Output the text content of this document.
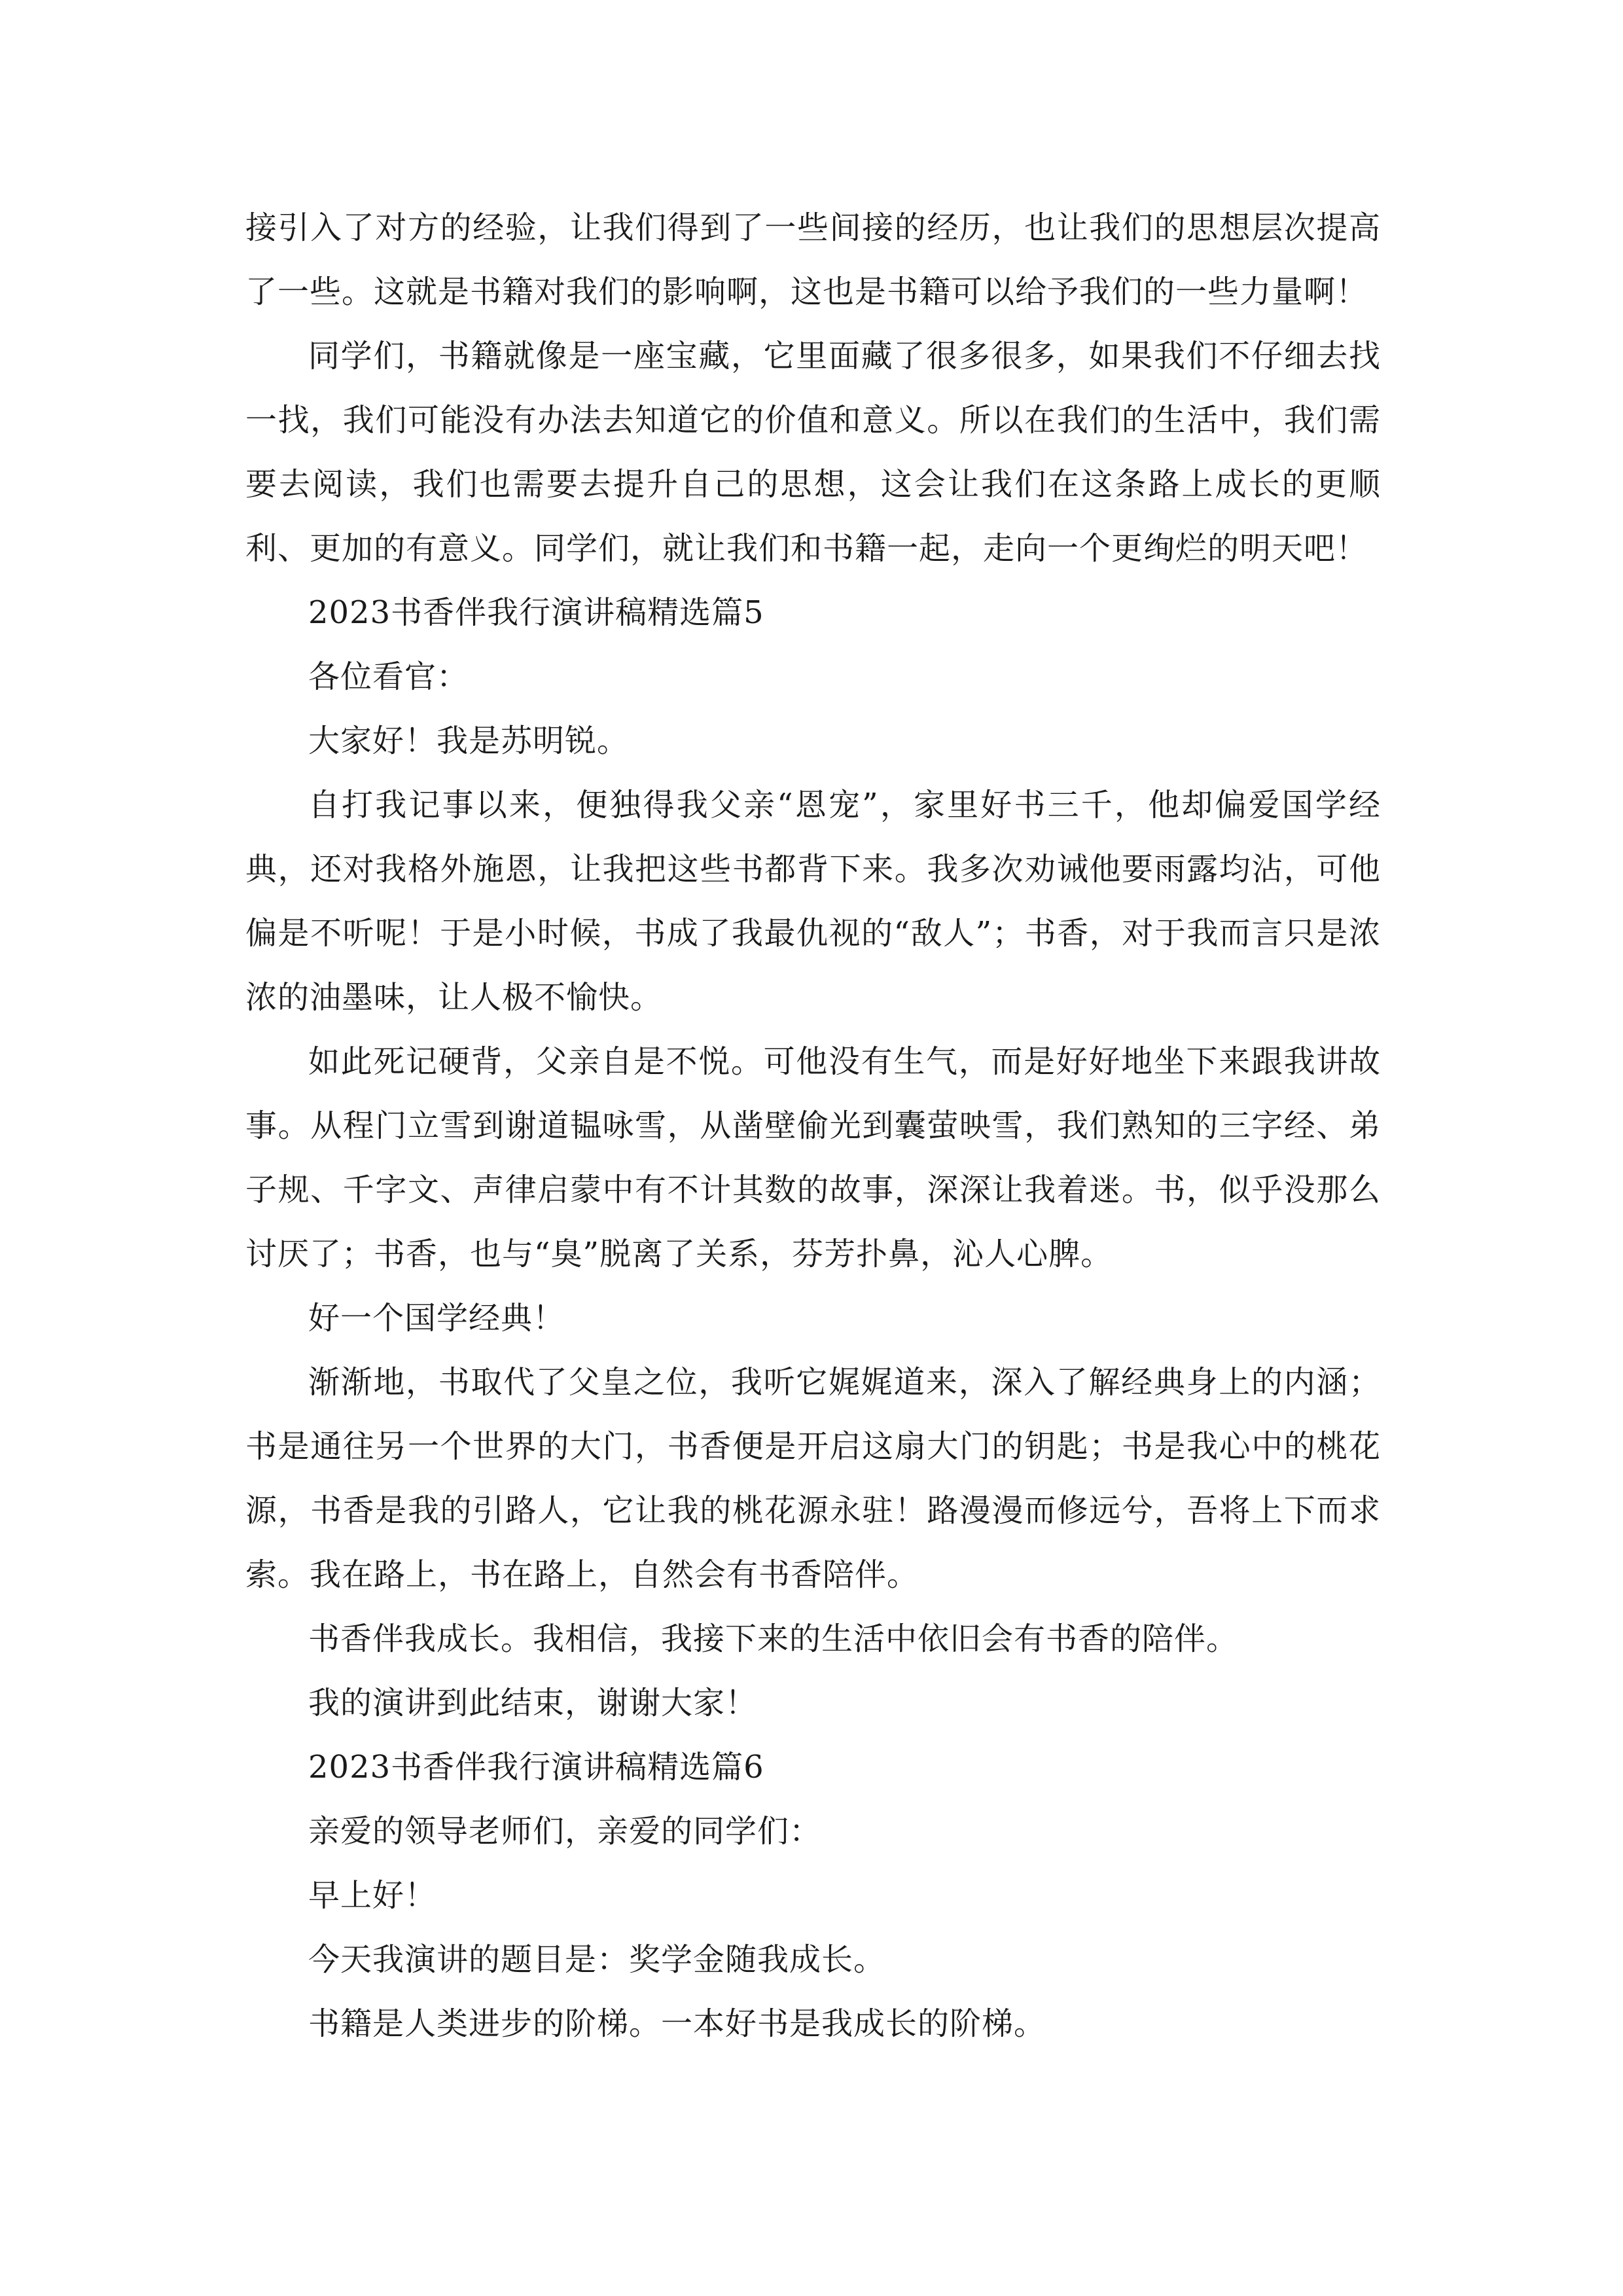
接引入了对方的经验，让我们得到了一些间接的经历，也让我们的思想层次提高了一些。这就是书籍对我们的影响啊，这也是书籍可以给予我们的一些力量啊！

同学们，书籍就像是一座宝藏，它里面藏了很多很多，如果我们不仔细去找一找，我们可能没有办法去知道它的价值和意义。所以在我们的生活中，我们需要去阅读，我们也需要去提升自己的思想，这会让我们在这条路上成长的更顺利、更加的有意义。同学们，就让我们和书籍一起，走向一个更绚烂的明天吧！

2023书香伴我行演讲稿精选篇5

各位看官：

大家好！我是苏明锐。

自打我记事以来，便独得我父亲“恩宠”，家里好书三千，他却偏爱国学经典，还对我格外施恩，让我把这些书都背下来。我多次劝诫他要雨露均沾，可他偏是不听呢！于是小时候，书成了我最仇视的“敌人”；书香，对于我而言只是浓浓的油墨味，让人极不愉快。

如此死记硬背，父亲自是不悦。可他没有生气，而是好好地坐下来跟我讲故事。从程门立雪到谢道韫咏雪，从凿壁偷光到囊萤映雪，我们熟知的三字经、弟子规、千字文、声律启蒙中有不计其数的故事，深深让我着迷。书，似乎没那么讨厌了；书香，也与“臭”脱离了关系，芬芳扑鼻，沁人心脾。

好一个国学经典！

渐渐地，书取代了父皇之位，我听它娓娓道来，深入了解经典身上的内涵；书是通往另一个世界的大门，书香便是开启这扇大门的钥匙；书是我心中的桃花源，书香是我的引路人，它让我的桃花源永驻！路漫漫而修远兮，吾将上下而求索。我在路上，书在路上，自然会有书香陪伴。

书香伴我成长。我相信，我接下来的生活中依旧会有书香的陪伴。

我的演讲到此结束，谢谢大家！

2023书香伴我行演讲稿精选篇6

亲爱的领导老师们，亲爱的同学们：

早上好！

今天我演讲的题目是：奖学金随我成长。

书籍是人类进步的阶梯。一本好书是我成长的阶梯。
